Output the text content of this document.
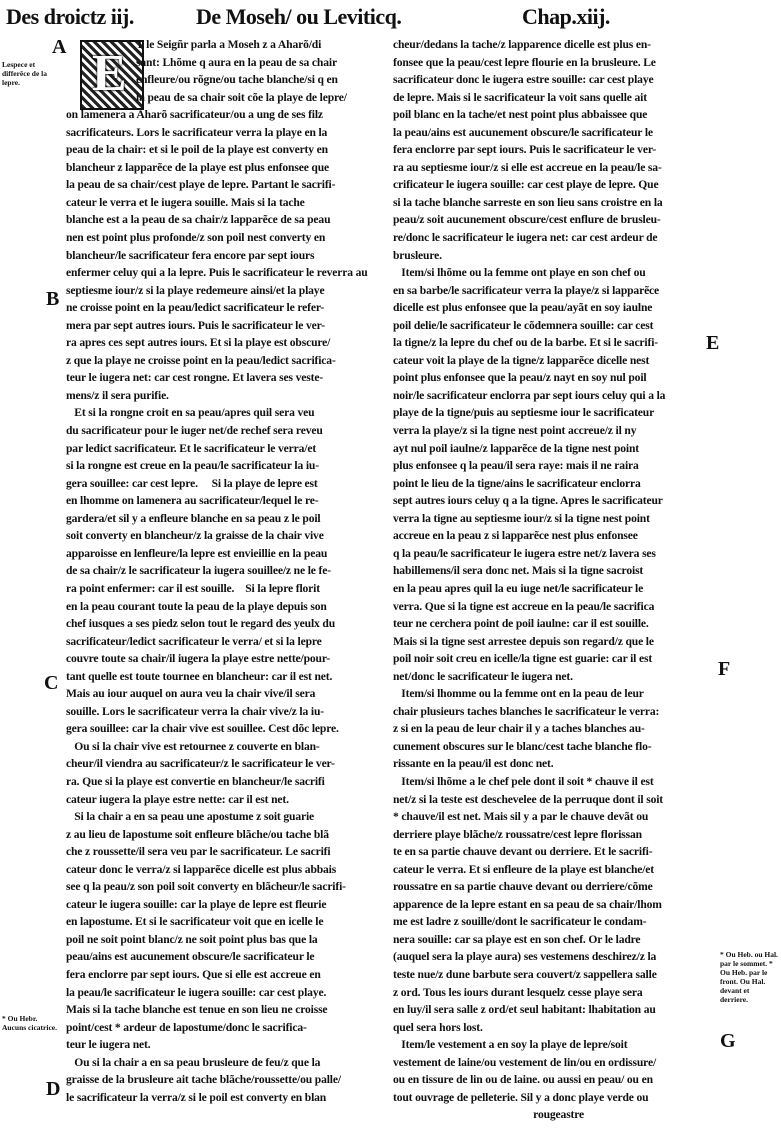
Des droictz iij.	De Moseh/ ou Leviticq.	Chap.xiij.
E
T le Seigñr parla a Moseh z a Aharõ/di
sant: Lhõme q aura en la peau de sa chair
enfleure/ou rõgne/ou tache blanche/si q en
la peau de sa chair soit cõe la playe de lepre/
on lamenera a Aharõ sacrificateur/ou a ung de ses filz
sacrificateurs. Lors le sacrificateur verra la playe en la
peau de la chair: et si le poil de la playe est converty en
blancheur z lapparẽce de la playe est plus enfonsee que
la peau de sa chair/cest playe de lepre. Partant le sacrifi-
cateur le verra et le iugera souille. Mais si la tache
blanche est a la peau de sa chair/z lapparẽce de sa peau
nen est point plus profonde/z son poil nest converty en
blancheur/le sacrificateur fera encore par sept iours
enfermer celuy qui a la lepre. Puis le sacrificateur le reverra au
septiesme iour/z si la playe redemeure ainsi/et la playe
ne croisse point en la peau/ledict sacrificateur le refer-
mera par sept autres iours. Puis le sacrificateur le ver-
ra apres ces sept autres iours. Et si la playe est obscure/
z que la playe ne croisse point en la peau/ledict sacrifica-
teur le iugera net: car cest rongne. Et lavera ses veste-
mens/z il sera purifie.
Et si la rongne croit en sa peau/apres quil sera veu
du sacrificateur pour le iuger net/de rechef sera reveu
par ledict sacrificateur. Et le sacrificateur le verra/et
si la rongne est creue en la peau/le sacrificateur la iu-
gera souillee: car cest lepre.     Si la playe de lepre est
en lhomme on lamenera au sacrificateur/lequel le re-
gardera/et sil y a enfleure blanche en sa peau z le poil
soit converty en blancheur/z la graisse de la chair vive
apparoisse en lenfleure/la lepre est envieillie en la peau
de sa chair/z le sacrificateur la iugera souillee/z ne le fe-
ra point enfermer: car il est souille.    Si la lepre florit
en la peau courant toute la peau de la playe depuis son
chef iusques a ses piedz selon tout le regard des yeulx du
sacrificateur/ledict sacrificateur le verra/ et si la lepre
couvre toute sa chair/il iugera la playe estre nette/pour-
tant quelle est toute tournee en blancheur: car il est net.
Mais au iour auquel on aura veu la chair vive/il sera
souille. Lors le sacrificateur verra la chair vive/z la iu-
gera souillee: car la chair vive est souillee. Cest dõc lepre.
Ou si la chair vive est retournee z couverte en blan-
cheur/il viendra au sacrificateur/z le sacrificateur le ver-
ra. Que si la playe est convertie en blancheur/le sacrifi
cateur iugera la playe estre nette: car il est net.
Si la chair a en sa peau une apostume z soit guarie
z au lieu de lapostume soit enfleure blãche/ou tache blã
che z roussette/il sera veu par le sacrificateur. Le sacrifi
cateur donc le verra/z si lapparẽce dicelle est plus abbais
see q la peau/z son poil soit converty en blãcheur/le sacrifi-
cateur le iugera souille: car la playe de lepre est fleurie
en lapostume. Et si le sacrificateur voit que en icelle le
poil ne soit point blanc/z ne soit point plus bas que la
peau/ains est aucunement obscure/le sacrificateur le
fera enclorre par sept iours. Que si elle est accreue en
la peau/le sacrificateur le iugera souille: car cest playe.
Mais si la tache blanche est tenue en son lieu ne croisse
point/cest * ardeur de lapostume/donc le sacrifica-
teur le iugera net.
Ou si la chair a en sa peau brusleure de feu/z que la
graisse de la brusleure ait tache blãche/roussette/ou palle/
le sacrificateur la verra/z si le poil est converty en blan
cheur/dedans la tache/z lapparence dicelle est plus en-
fonsee que la peau/cest lepre flourie en la brusleure. Le
sacrificateur donc le iugera estre souille: car cest playe
de lepre. Mais si le sacrificateur la voit sans quelle ait
poil blanc en la tache/et nest point plus abbaissee que
la peau/ains est aucunement obscure/le sacrificateur le
fera enclorre par sept iours. Puis le sacrificateur le ver-
ra au septiesme iour/z si elle est accreue en la peau/le sa-
crificateur le iugera souille: car cest playe de lepre. Que
si la tache blanche sarreste en son lieu sans croistre en la
peau/z soit aucunement obscure/cest enflure de brusleu-
re/donc le sacrificateur le iugera net: car cest ardeur de
brusleure.
Item/si lhõme ou la femme ont playe en son chef ou
en sa barbe/le sacrificateur verra la playe/z si lapparẽce
dicelle est plus enfonsee que la peau/ayãt en soy iaulne
poil delie/le sacrificateur le cõdemnera souille: car cest
la tigne/z la lepre du chef ou de la barbe. Et si le sacrifi-
cateur voit la playe de la tigne/z lapparẽce dicelle nest
point plus enfonsee que la peau/z nayt en soy nul poil
noir/le sacrificateur enclorra par sept iours celuy qui a la
playe de la tigne/puis au septiesme iour le sacrificateur
verra la playe/z si la tigne nest point accreue/z il ny
ayt nul poil iaulne/z lapparẽce de la tigne nest point
plus enfonsee q la peau/il sera raye: mais il ne raira
point le lieu de la tigne/ains le sacrificateur enclorra
sept autres iours celuy q a la tigne. Apres le sacrificateur
verra la tigne au septiesme iour/z si la tigne nest point
accreue en la peau z si lapparẽce nest plus enfonsee
q la peau/le sacrificateur le iugera estre net/z lavera ses
habillemens/il sera donc net. Mais si la tigne sacroist
en la peau apres quil la eu iuge net/le sacrificateur le
verra. Que si la tigne est accreue en la peau/le sacrifica
teur ne cerchera point de poil iaulne: car il est souille.
Mais si la tigne sest arrestee depuis son regard/z que le
poil noir soit creu en icelle/la tigne est guarie: car il est
net/donc le sacrificateur le iugera net.
Item/si lhomme ou la femme ont en la peau de leur
chair plusieurs taches blanches le sacrificateur le verra:
z si en la peau de leur chair il y a taches blanches au-
cunement obscures sur le blanc/cest tache blanche flo-
rissante en la peau/il est donc net.
Item/si lhõme a le chef pele dont il soit * chauve il est
net/z si la teste est deschevelee de la perruque dont il soit
* chauve/il est net. Mais sil y a par le chauve devãt ou
derriere playe blãche/z roussatre/cest lepre florissan
te en sa partie chauve devant ou derriere. Et le sacrifi-
cateur le verra. Et si enfleure de la playe est blanche/et
roussatre en sa partie chauve devant ou derriere/cõme
apparence de la lepre estant en sa peau de sa chair/lhom
me est ladre z souille/dont le sacrificateur le condam-
nera souille: car sa playe est en son chef. Or le ladre
(auquel sera la playe aura) ses vestemens deschirez/z la
teste nue/z dune barbute sera couvert/z sappellera salle
z ord. Tous les iours durant lesquelz cesse playe sera
en luy/il sera salle z ord/et seul habitant: lhabitation au
quel sera hors lost.
Item/le vestement a en soy la playe de lepre/soit
vestement de laine/ou vestement de lin/ou en ordissure/
ou en tissure de lin ou de laine. ou aussi en peau/ ou en
tout ouvrage de pelleterie. Sil y a donc playe verde ou
rougeastre
A
Lespece et differẽce de la lepre.
B
C
* Ou Hebr. Aucuns cicatrice.
D
E
F
* Ou Heb. ou Hal. par le sommet. * Ou Heb. par le front. Ou Hal. devant et derriere.
G
